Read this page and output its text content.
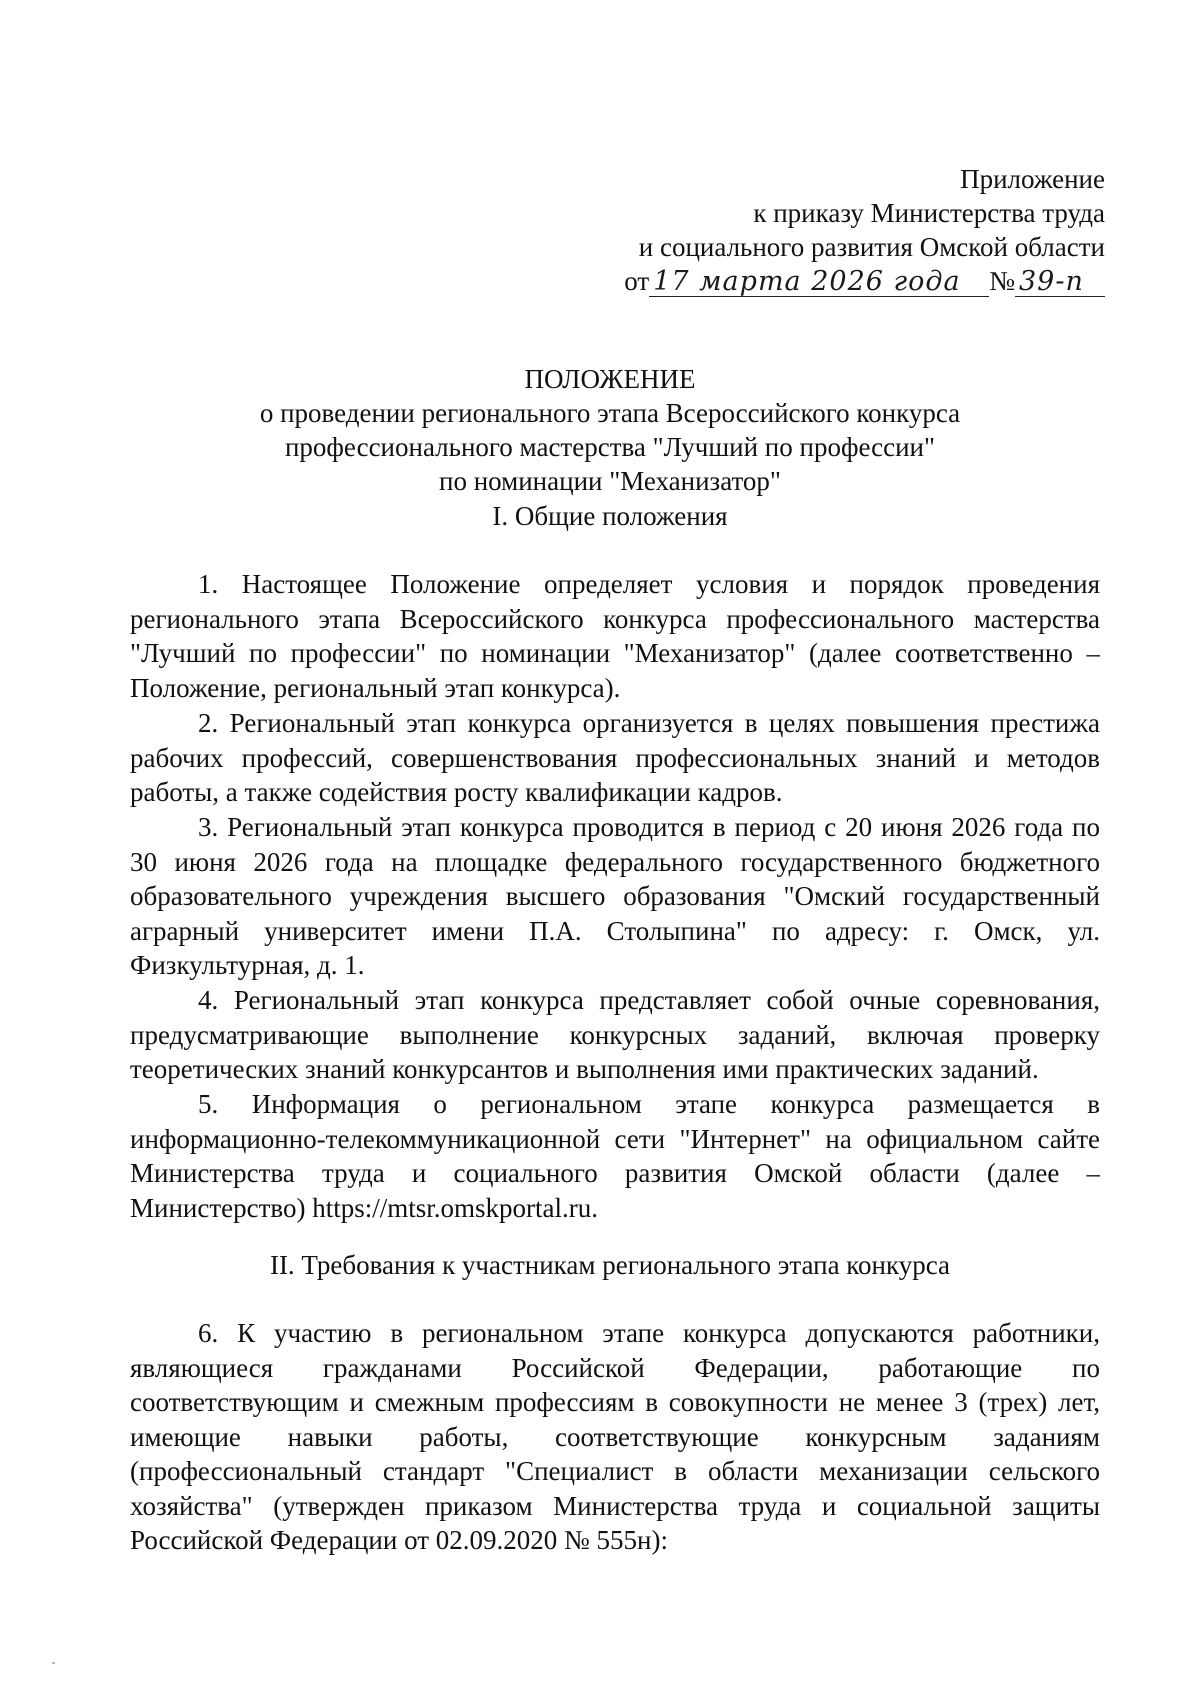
Приложение
к приказу Министерства труда
и социального развития Омской области
от 17 марта 2026 года № 39-п
ПОЛОЖЕНИЕ
о проведении регионального этапа Всероссийского конкурса
профессионального мастерства "Лучший по профессии"
по номинации "Механизатор"
I. Общие положения
1. Настоящее Положение определяет условия и порядок проведения регионального этапа Всероссийского конкурса профессионального мастерства "Лучший по профессии" по номинации "Механизатор" (далее соответственно – Положение, региональный этап конкурса).
2. Региональный этап конкурса организуется в целях повышения престижа рабочих профессий, совершенствования профессиональных знаний и методов работы, а также содействия росту квалификации кадров.
3. Региональный этап конкурса проводится в период с 20 июня 2026 года по 30 июня 2026 года на площадке федерального государственного бюджетного образовательного учреждения высшего образования "Омский государственный аграрный университет имени П.А. Столыпина" по адресу: г. Омск, ул. Физкультурная, д. 1.
4. Региональный этап конкурса представляет собой очные соревнования, предусматривающие выполнение конкурсных заданий, включая проверку теоретических знаний конкурсантов и выполнения ими практических заданий.
5. Информация о региональном этапе конкурса размещается в информационно-телекоммуникационной сети "Интернет" на официальном сайте Министерства труда и социального развития Омской области (далее – Министерство) https://mtsr.omskportal.ru.
II. Требования к участникам регионального этапа конкурса
6. К участию в региональном этапе конкурса допускаются работники, являющиеся гражданами Российской Федерации, работающие по соответствующим и смежным профессиям в совокупности не менее 3 (трех) лет, имеющие навыки работы, соответствующие конкурсным заданиям (профессиональный стандарт "Специалист в области механизации сельского хозяйства" (утвержден приказом Министерства труда и социальной защиты Российской Федерации от 02.09.2020 № 555н):
